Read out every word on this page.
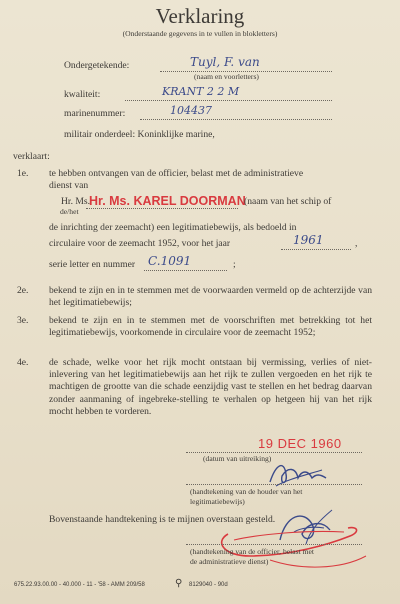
Verklaring
(Onderstaande gegevens in te vullen in blokletters)
Ondergetekende:	Tuyl, F. van
(naam en voorletters)
kwaliteit:	KRANT 2 2 M
marinenummer:	104437
militair onderdeel: Koninklijke marine,
verklaart:
1e. te hebben ontvangen van de officier, belast met de administratieve
dienst van
Hr. Ms.
Hr. Ms. KAREL DOORMAN
de/het
(naam van het schip of
de inrichting der zeemacht) een legitimatiebewijs, als bedoeld in
circulaire voor de zeemacht 1952, voor het jaar	1961	,
serie letter en nummer C.1091	;
2e. bekend te zijn en in te stemmen met de voorwaarden vermeld op de achterzijde van het legitimatiebewijs;
3e. bekend te zijn en in te stemmen met de voorschriften met betrekking tot het legitimatiebewijs, voorkomende in circulaire voor de zeemacht 1952;
4e. de schade, welke voor het rijk mocht ontstaan bij vermissing, verlies of niet-inlevering van het legitimatiebewijs aan het rijk te zullen vergoeden en het rijk te machtigen de grootte van die schade eenzijdig vast te stellen en het bedrag daarvan zonder aanmaning of ingebreke-stelling te verhalen op hetgeen hij van het rijk mocht hebben te vorderen.
19 DEC 1960
(datum van uitreiking)
(handtekening van de houder van het
legitimatiebewijs)
Bovenstaande handtekening is te mijnen overstaan gesteld.
(handtekening van de officier, belast met
de administratieve dienst)
675.22.93.00.00 - 40.000 - 11 - '58 - AMM 209/58	⚲ 8129040 - 90d
